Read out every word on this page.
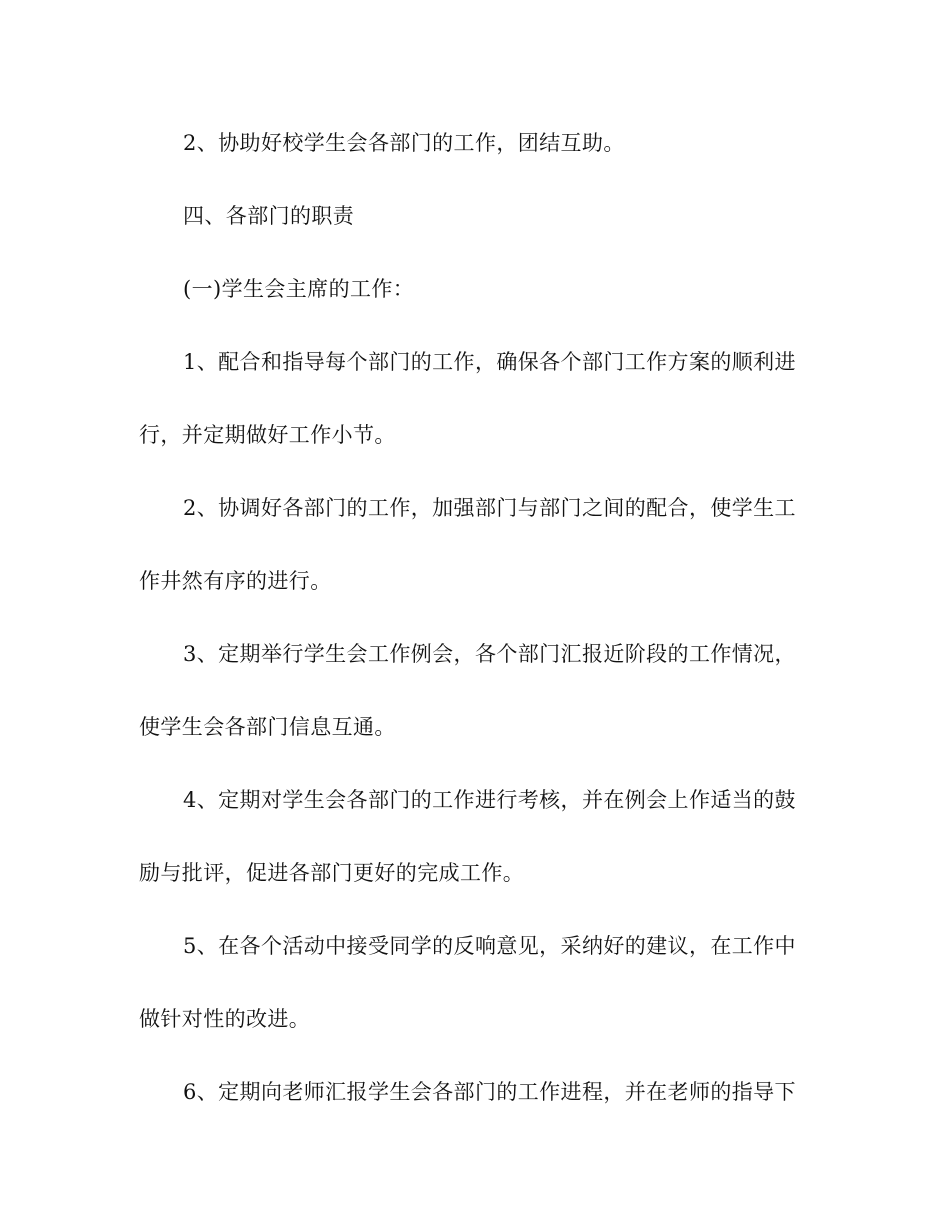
2、协助好校学生会各部门的工作，团结互助。
四、各部门的职责
(一)学生会主席的工作：
1、配合和指导每个部门的工作，确保各个部门工作方案的顺利进
行，并定期做好工作小节。
2、协调好各部门的工作，加强部门与部门之间的配合，使学生工
作井然有序的进行。
3、定期举行学生会工作例会，各个部门汇报近阶段的工作情况，
使学生会各部门信息互通。
4、定期对学生会各部门的工作进行考核，并在例会上作适当的鼓
励与批评，促进各部门更好的完成工作。
5、在各个活动中接受同学的反响意见，采纳好的建议，在工作中
做针对性的改进。
6、定期向老师汇报学生会各部门的工作进程，并在老师的指导下
